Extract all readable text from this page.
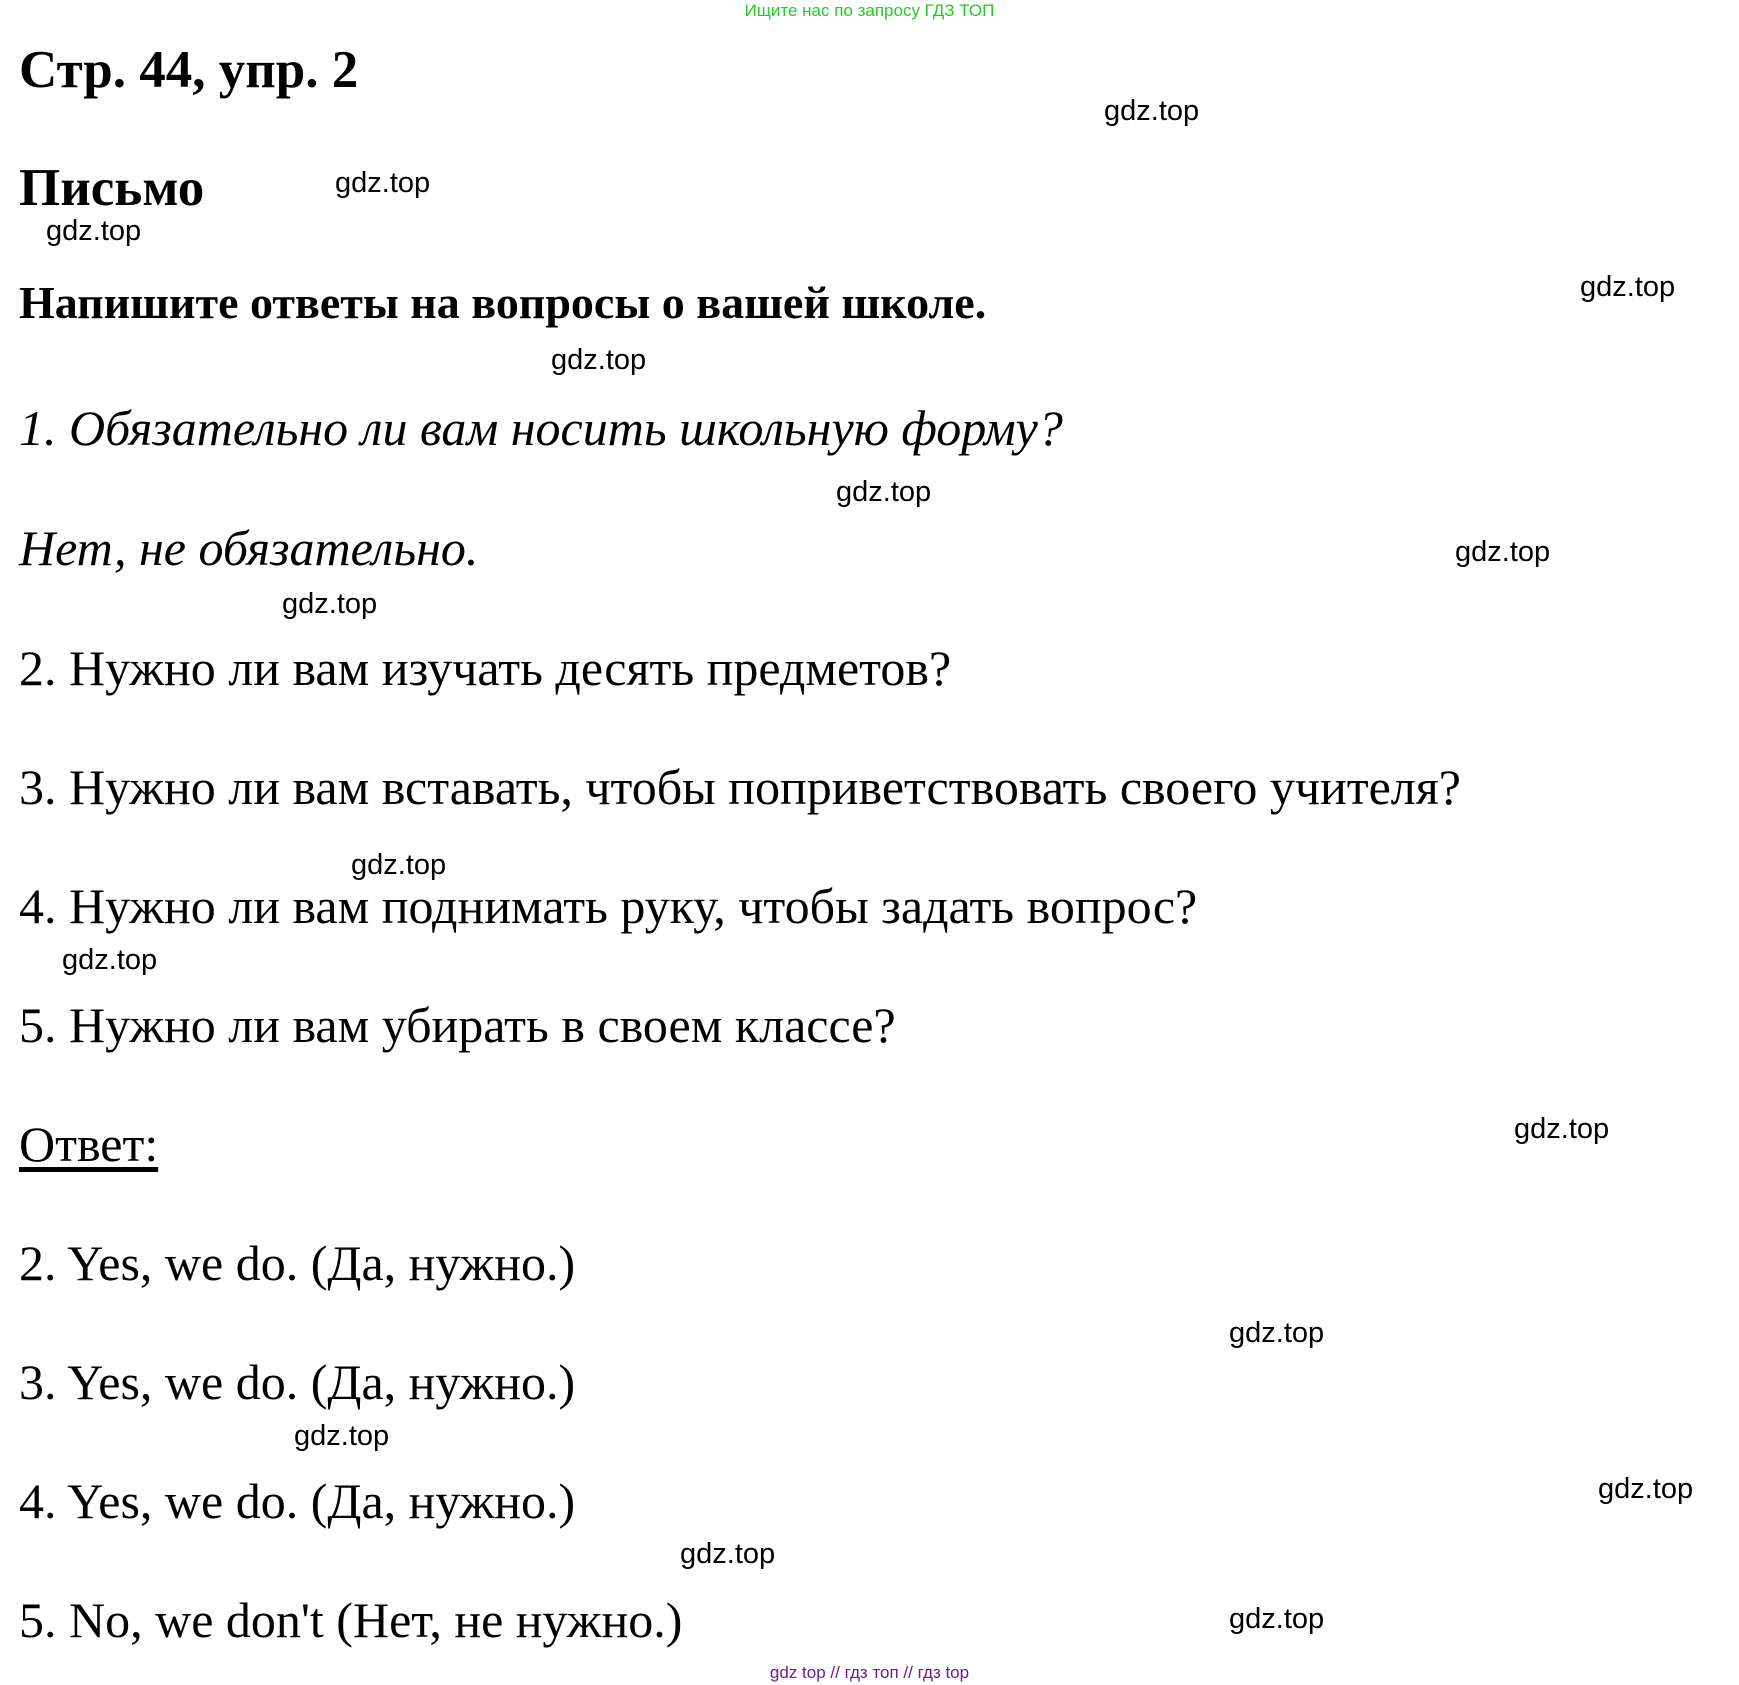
Ищите нас по запросу ГДЗ ТОП
Стр. 44, упр. 2
Письмо
Напишите ответы на вопросы о вашей школе.
1. Обязательно ли вам носить школьную форму?
Нет, не обязательно.
2. Нужно ли вам изучать десять предметов?
3. Нужно ли вам вставать, чтобы поприветствовать своего учителя?
4. Нужно ли вам поднимать руку, чтобы задать вопрос?
5. Нужно ли вам убирать в своем классе?
Ответ:
2. Yes, we do. (Да, нужно.)
3. Yes, we do. (Да, нужно.)
4. Yes, we do. (Да, нужно.)
5. No, we don't (Нет, не нужно.)
gdz.top
gdz.top
gdz.top
gdz.top
gdz.top
gdz.top
gdz.top
gdz.top
gdz.top
gdz.top
gdz.top
gdz.top
gdz.top
gdz.top
gdz.top
gdz.top
gdz top // гдз топ // гдз top
